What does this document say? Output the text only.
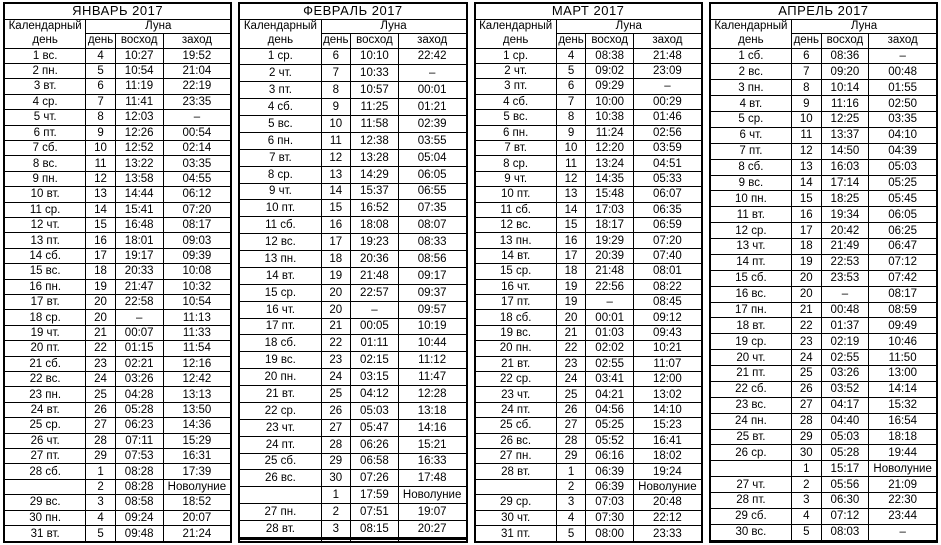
ЯНВАРЬ 2017			
Календарный день	Луна		
	день	восход	заход
1 вс.	4	10:27	19:52
2 пн.	5	10:54	21:04
3 вт.	6	11:19	22:19
4 ср.	7	11:41	23:35
5 чт.	8	12:03	–
6 пт.	9	12:26	00:54
7 сб.	10	12:52	02:14
8 вс.	11	13:22	03:35
9 пн.	12	13:58	04:55
10 вт.	13	14:44	06:12
11 ср.	14	15:41	07:20
12 чт.	15	16:48	08:17
13 пт.	16	18:01	09:03
14 сб.	17	19:17	09:39
15 вс.	18	20:33	10:08
16 пн.	19	21:47	10:32
17 вт.	20	22:58	10:54
18 ср.	20	–	11:13
19 чт.	21	00:07	11:33
20 пт.	22	01:15	11:54
21 сб.	23	02:21	12:16
22 вс.	24	03:26	12:42
23 пн.	25	04:28	13:13
24 вт.	26	05:28	13:50
25 ср.	27	06:23	14:36
26 чт.	28	07:11	15:29
27 пт.	29	07:53	16:31
28 сб.	1	08:28	17:39
	2	08:28	Новолуние
29 вс.	3	08:58	18:52
30 пн.	4	09:24	20:07
31 вт.	5	09:48	21:24
ФЕВРАЛЬ 2017			
Календарный день	Луна		
	день	восход	заход
1 ср.	6	10:10	22:42
2 чт.	7	10:33	–
3 пт.	8	10:57	00:01
4 сб.	9	11:25	01:21
5 вс.	10	11:58	02:39
6 пн.	11	12:38	03:55
7 вт.	12	13:28	05:04
8 ср.	13	14:29	06:05
9 чт.	14	15:37	06:55
10 пт.	15	16:52	07:35
11 сб.	16	18:08	08:07
12 вс.	17	19:23	08:33
13 пн.	18	20:36	08:56
14 вт.	19	21:48	09:17
15 ср.	20	22:57	09:37
16 чт.	20	–	09:57
17 пт.	21	00:05	10:19
18 сб.	22	01:11	10:44
19 вс.	23	02:15	11:12
20 пн.	24	03:15	11:47
21 вт.	25	04:12	12:28
22 ср.	26	05:03	13:18
23 чт.	27	05:47	14:16
24 пт.	28	06:26	15:21
25 сб.	29	06:58	16:33
26 вс.	30	07:26	17:48
	1	17:59	Новолуние
27 пн.	2	07:51	19:07
28 вт.	3	08:15	20:27

МАРТ 2017			
Календарный день	Луна		
	день	восход	заход
1 ср.	4	08:38	21:48
2 чт.	5	09:02	23:09
3 пт.	6	09:29	–
4 сб.	7	10:00	00:29
5 вс.	8	10:38	01:46
6 пн.	9	11:24	02:56
7 вт.	10	12:20	03:59
8 ср.	11	13:24	04:51
9 чт.	12	14:35	05:33
10 пт.	13	15:48	06:07
11 сб.	14	17:03	06:35
12 вс.	15	18:17	06:59
13 пн.	16	19:29	07:20
14 вт.	17	20:39	07:40
15 ср.	18	21:48	08:01
16 чт.	19	22:56	08:22
17 пт.	19	–	08:45
18 сб.	20	00:01	09:12
19 вс.	21	01:03	09:43
20 пн.	22	02:02	10:21
21 вт.	23	02:55	11:07
22 ср.	24	03:41	12:00
23 чт.	25	04:21	13:02
24 пт.	26	04:56	14:10
25 сб.	27	05:25	15:23
26 вс.	28	05:52	16:41
27 пн.	29	06:16	18:02
28 вт.	1	06:39	19:24
	2	06:39	Новолуние
29 ср.	3	07:03	20:48
30 чт.	4	07:30	22:12
31 пт.	5	08:00	23:33
АПРЕЛЬ 2017			
Календарный день	Луна		
	день	восход	заход
1 сб.	6	08:36	–
2 вс.	7	09:20	00:48
3 пн.	8	10:14	01:55
4 вт.	9	11:16	02:50
5 ср.	10	12:25	03:35
6 чт.	11	13:37	04:10
7 пт.	12	14:50	04:39
8 сб.	13	16:03	05:03
9 вс.	14	17:14	05:25
10 пн.	15	18:25	05:45
11 вт.	16	19:34	06:05
12 ср.	17	20:42	06:25
13 чт.	18	21:49	06:47
14 пт.	19	22:53	07:12
15 сб.	20	23:53	07:42
16 вс.	20	–	08:17
17 пн.	21	00:48	08:59
18 вт.	22	01:37	09:49
19 ср.	23	02:19	10:46
20 чт.	24	02:55	11:50
21 пт.	25	03:26	13:00
22 сб.	26	03:52	14:14
23 вс.	27	04:17	15:32
24 пн.	28	04:40	16:54
25 вт.	29	05:03	18:18
26 ср.	30	05:28	19:44
	1	15:17	Новолуние
27 чт.	2	05:56	21:09
28 пт.	3	06:30	22:30
29 сб.	4	07:12	23:44
30 вс.	5	08:03	–
